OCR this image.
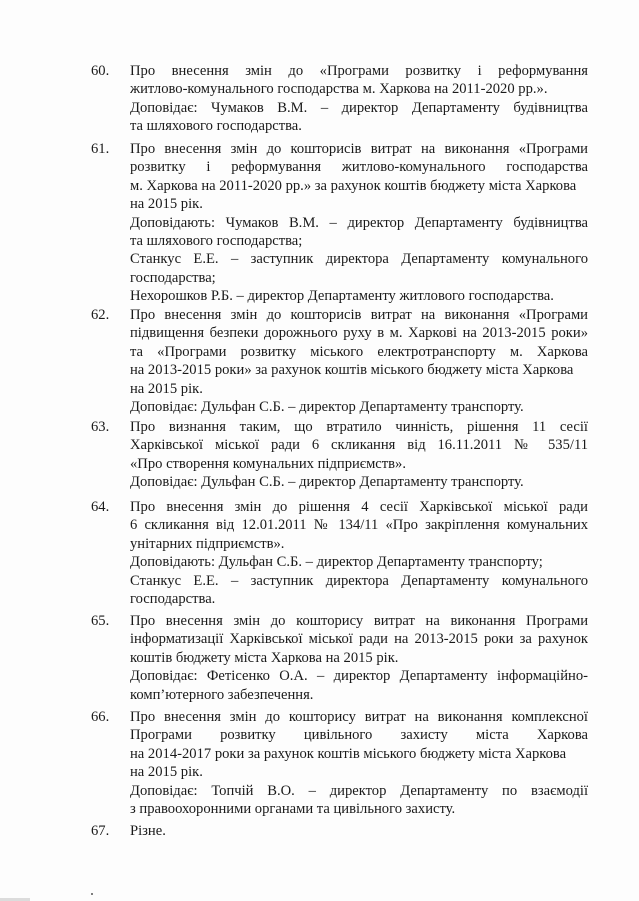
60. Про внесення змін до «Програми розвитку і реформування
житлово-комунального господарства м. Харкова на 2011-2020 рр.».
Доповідає: Чумаков В.М. – директор Департаменту будівництва
та шляхового господарства.
61. Про внесення змін до кошторисів витрат на виконання «Програми
розвитку і реформування житлово-комунального господарства
м. Харкова на 2011-2020 рр.» за рахунок коштів бюджету міста Харкова
на 2015 рік.
Доповідають: Чумаков В.М. – директор Департаменту будівництва
та шляхового господарства;
Станкус Е.Е. – заступник директора Департаменту комунального
господарства;
Нехорошков Р.Б. – директор Департаменту житлового господарства.
62. Про внесення змін до кошторисів витрат на виконання «Програми
підвищення безпеки дорожнього руху в м. Харкові на 2013-2015 роки»
та «Програми розвитку міського електротранспорту м. Харкова
на 2013-2015 роки» за рахунок коштів міського бюджету міста Харкова
на 2015 рік.
Доповідає: Дульфан С.Б. – директор Департаменту транспорту.
63. Про визнання таким, що втратило чинність, рішення 11 сесії
Харківської міської ради 6 скликання від 16.11.2011 № 535/11
«Про створення комунальних підприємств».
Доповідає: Дульфан С.Б. – директор Департаменту транспорту.
64. Про внесення змін до рішення 4 сесії Харківської міської ради
6 скликання від 12.01.2011 № 134/11 «Про закріплення комунальних
унітарних підприємств».
Доповідають: Дульфан С.Б. – директор Департаменту транспорту;
Станкус Е.Е. – заступник директора Департаменту комунального
господарства.
65. Про внесення змін до кошторису витрат на виконання Програми
інформатизації Харківської міської ради на 2013-2015 роки за рахунок
коштів бюджету міста Харкова на 2015 рік.
Доповідає: Фетісенко О.А. – директор Департаменту інформаційно-
комп’ютерного забезпечення.
66. Про внесення змін до кошторису витрат на виконання комплексної
Програми розвитку цивільного захисту міста Харкова
на 2014-2017 роки за рахунок коштів міського бюджету міста Харкова
на 2015 рік.
Доповідає: Топчій В.О. – директор Департаменту по взаємодії
з правоохоронними органами та цивільного захисту.
67. Різне.
